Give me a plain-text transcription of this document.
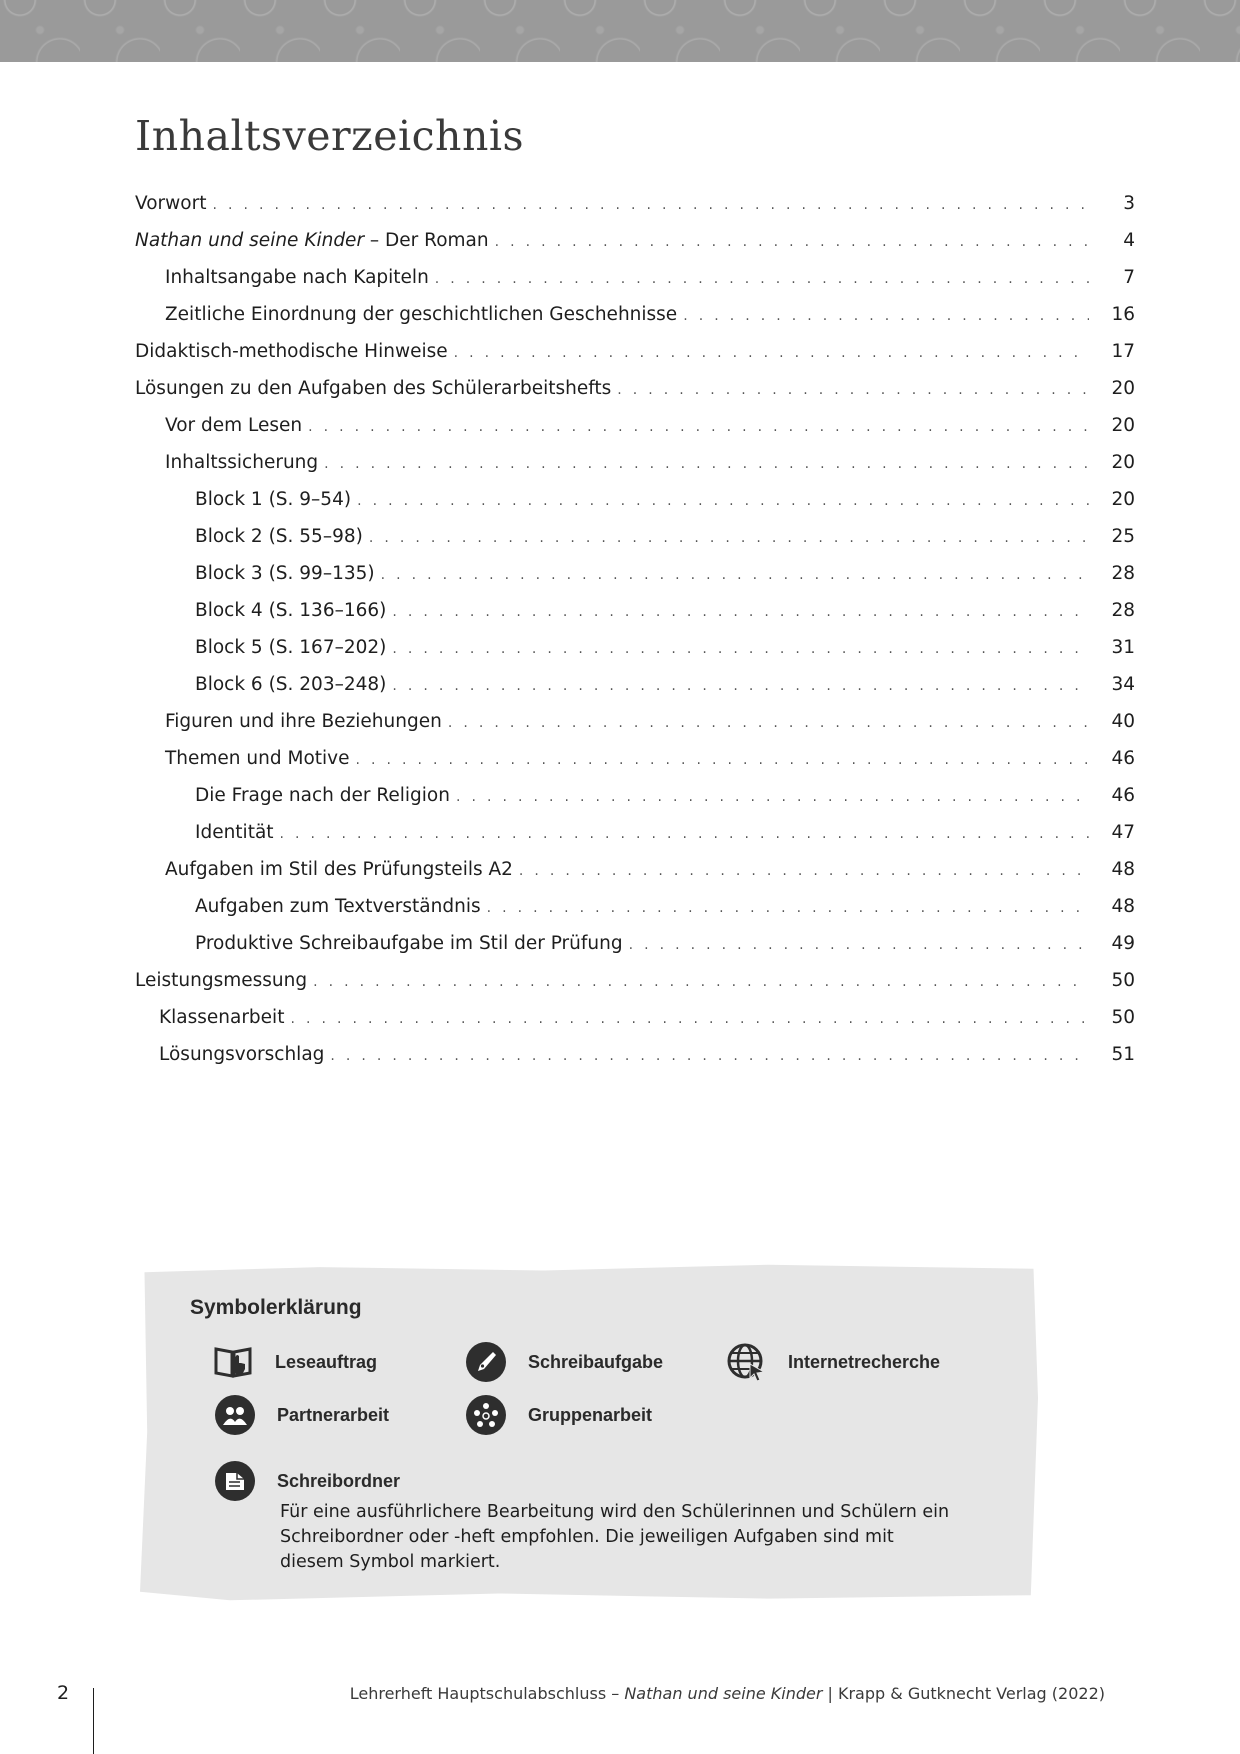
Inhaltsverzeichnis
Vorwort . . .	3
Nathan und seine Kinder – Der Roman . . .	4
Inhaltsangabe nach Kapiteln . . .	7
Zeitliche Einordnung der geschichtlichen Geschehnisse . . .	16
Didaktisch-methodische Hinweise . . .	17
Lösungen zu den Aufgaben des Schülerarbeitshefts . . .	20
Vor dem Lesen . . .	20
Inhaltssicherung . . .	20
Block 1 (S. 9–54) . . .	20
Block 2 (S. 55–98) . . .	25
Block 3 (S. 99–135) . . .	28
Block 4 (S. 136–166) . . .	28
Block 5 (S. 167–202) . . .	31
Block 6 (S. 203–248) . . .	34
Figuren und ihre Beziehungen . . .	40
Themen und Motive . . .	46
Die Frage nach der Religion . . .	46
Identität . . .	47
Aufgaben im Stil des Prüfungsteils A2 . . .	48
Aufgaben zum Textverständnis . . .	48
Produktive Schreibaufgabe im Stil der Prüfung . . .	49
Leistungsmessung . . .	50
Klassenarbeit . . .	50
Lösungsvorschlag . . .	51
Symbolerklärung
Leseauftrag	Schreibaufgabe	Internetrecherche
Partnerarbeit	Gruppenarbeit
Schreibordner

Für eine ausführlichere Bearbeitung wird den Schülerinnen und Schülern ein Schreibordner oder -heft empfohlen. Die jeweiligen Aufgaben sind mit diesem Symbol markiert.

2	Lehrerheft Hauptschulabschluss – Nathan und seine Kinder | Krapp & Gutknecht Verlag (2022)
